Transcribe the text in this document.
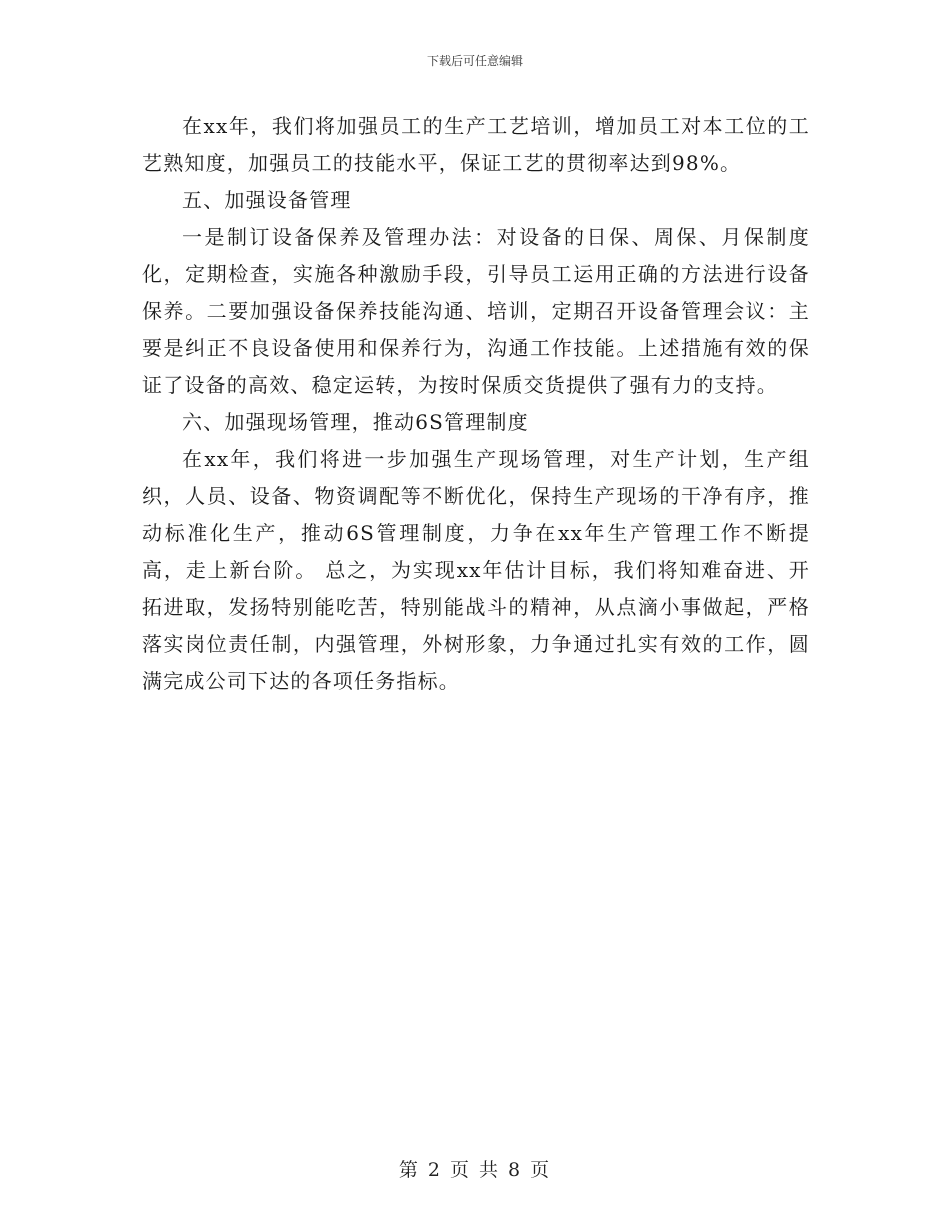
下载后可任意编辑

在xx年，我们将加强员工的生产工艺培训，增加员工对本工位的工艺熟知度，加强员工的技能水平，保证工艺的贯彻率达到98%。

五、加强设备管理

一是制订设备保养及管理办法：对设备的日保、周保、月保制度化，定期检查，实施各种激励手段，引导员工运用正确的方法进行设备保养。二要加强设备保养技能沟通、培训，定期召开设备管理会议：主要是纠正不良设备使用和保养行为，沟通工作技能。上述措施有效的保证了设备的高效、稳定运转，为按时保质交货提供了强有力的支持。

六、加强现场管理，推动6S管理制度

在xx年，我们将进一步加强生产现场管理，对生产计划，生产组织，人员、设备、物资调配等不断优化，保持生产现场的干净有序，推动标准化生产，推动6S管理制度，力争在xx年生产管理工作不断提高，走上新台阶。 总之，为实现xx年估计目标，我们将知难奋进、开拓进取，发扬特别能吃苦，特别能战斗的精神，从点滴小事做起，严格落实岗位责任制，内强管理，外树形象，力争通过扎实有效的工作，圆满完成公司下达的各项任务指标。

第 2 页 共 8 页
